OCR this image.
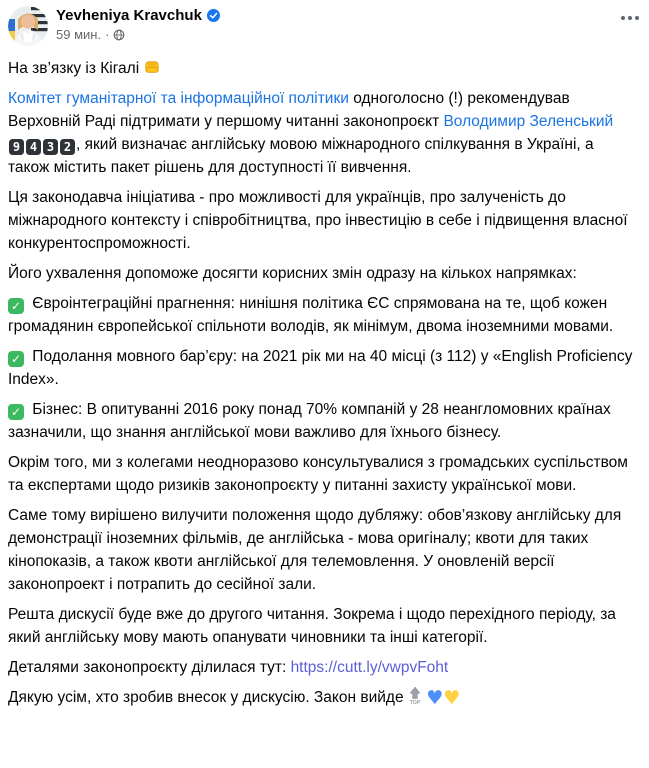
Yevheniya Kravchuk
59 мин. ·
На зв’язку із Кігалі
Комітет гуманітарної та інформаційної політики одноголосно (!) рекомендував Верховній Раді підтримати у першому читанні законопроєкт Володимир Зеленський 9 4 3 2 , який визначає англійську мовою міжнародного спілкування в Україні, а також містить пакет рішень для доступності її вивчення.
Ця законодавча ініціатива - про можливості для українців, про залученість до міжнародного контексту і співробітництва, про інвестицію в себе і підвищення власної конкурентоспроможності.
Його ухвалення допоможе досягти корисних змін одразу на кількох напрямках:
✓ Євроінтеграційні прагнення: нинішня політика ЄС спрямована на те, щоб кожен громадянин європейської спільноти володів, як мінімум, двома іноземними мовами.
✓ Подолання мовного бар’єру: на 2021 рік ми на 40 місці (з 112) у «English Proficiency Index».
✓ Бізнес: В опитуванні 2016 року понад 70% компаній у 28 неангломовних країнах зазначили, що знання англійської мови важливо для їхнього бізнесу.
Окрім того, ми з колегами неодноразово консультувалися з громадських суспільством та експертами щодо ризиків законопроєкту у питанні захисту української мови.
Саме тому вирішено вилучити положення щодо дубляжу: обов’язкову англійську для демонстрації іноземних фільмів, де англійська - мова оригіналу; квоти для таких кінопоказів, а також квоти англійської для телемовлення. У оновленій версії законопроект і потрапить до сесійної зали.
Решта дискусії буде вже до другого читання. Зокрема і щодо перехідного періоду, за який англійську мову мають опанувати чиновники та інші категорії.
Деталями законопроєкту ділилася тут: https://cutt.ly/vwpvFoht
Дякую усім, хто зробив внесок у дискусію. Закон вийде TOP ♥♥
